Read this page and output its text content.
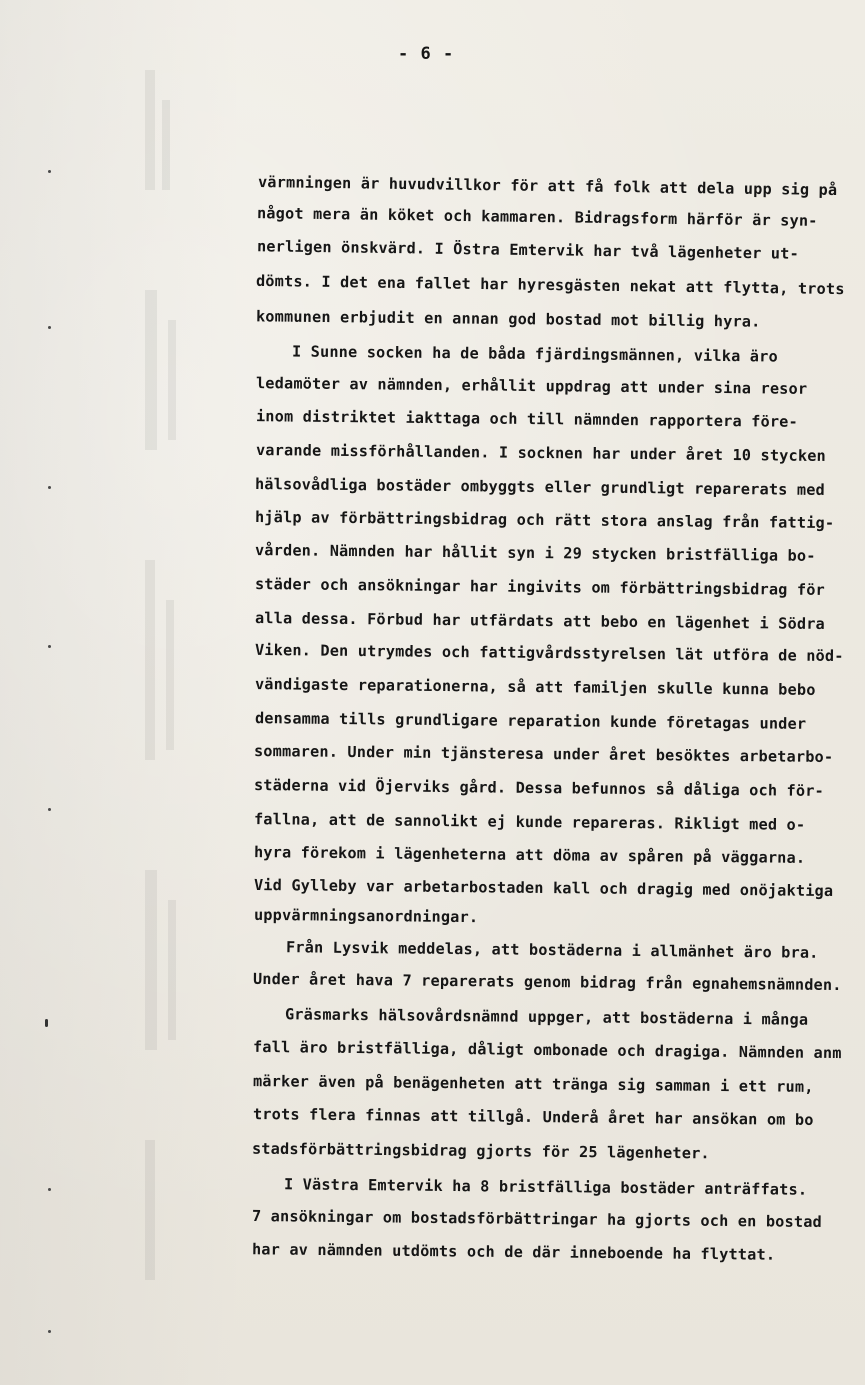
- 6 -
värmningen är huvudvillkor för att få folk att dela upp sig på
något mera än köket och kammaren. Bidragsform härför är syn-
nerligen önskvärd. I Östra Emtervik har två lägenheter ut-
dömts. I det ena fallet har hyresgästen nekat att flytta, trots
kommunen erbjudit en annan god bostad mot billig hyra.
I Sunne socken ha de båda fjärdingsmännen, vilka äro
ledamöter av nämnden, erhållit uppdrag att under sina resor
inom distriktet iakttaga och till nämnden rapportera före-
varande missförhållanden. I socknen har under året 10 stycken
hälsovådliga bostäder ombyggts eller grundligt reparerats med
hjälp av förbättringsbidrag och rätt stora anslag från fattig-
vården. Nämnden har hållit syn i 29 stycken bristfälliga bo-
städer och ansökningar har ingivits om förbättringsbidrag för
alla dessa. Förbud har utfärdats att bebo en lägenhet i Södra
Viken. Den utrymdes och fattigvårdsstyrelsen lät utföra de nöd-
vändigaste reparationerna, så att familjen skulle kunna bebo
densamma tills grundligare reparation kunde företagas under
sommaren. Under min tjänsteresa under året besöktes arbetarbo-
städerna vid Öjerviks gård. Dessa befunnos så dåliga och för-
fallna, att de sannolikt ej kunde repareras. Rikligt med o-
hyra förekom i lägenheterna att döma av spåren på väggarna.
Vid Gylleby var arbetarbostaden kall och dragig med onöjaktiga
uppvärmningsanordningar.
Från Lysvik meddelas, att bostäderna i allmänhet äro bra.
Under året hava 7 reparerats genom bidrag från egnahemsnämnden.
Gräsmarks hälsovårdsnämnd uppger, att bostäderna i många
fall äro bristfälliga, dåligt ombonade och dragiga. Nämnden anm
märker även på benägenheten att tränga sig samman i ett rum,
trots flera finnas att tillgå. Underå året har ansökan om bo
stadsförbättringsbidrag gjorts för 25 lägenheter.
I Västra Emtervik ha 8 bristfälliga bostäder anträffats.
7 ansökningar om bostadsförbättringar ha gjorts och en bostad
har av nämnden utdömts och de där inneboende ha flyttat.
